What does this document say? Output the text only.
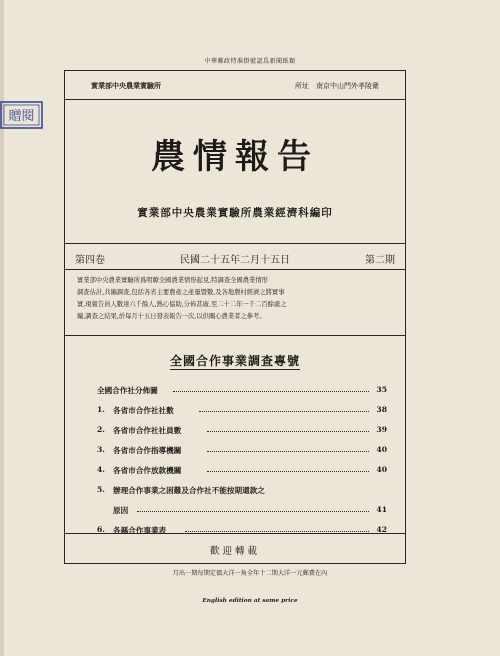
贈閱
中華郵政特准掛號認爲新聞紙類
實業部中央農業實驗所	所址　南京中山門外孝陵衛
農情報告
實業部中央農業實驗所農業經濟科編印
第四卷	民國二十五年二月十五日	第二期

實業部中央農業實驗所爲明瞭全國農業情形起見,特調查全國農業情形

調查估計,共編調查,包括各省主要農產之產量暨數,及各地農村經濟之將實事

實,現報告員人數達六千餘人,熱心協助,分佈甚廣,至二十二年一千二百餘處之

編,調查之結果,於每月十五日發表報告一次,以供關心農業者之參考。

全國合作事業調查專號
全國合作社分佈圖	35
1. 各省市合作社社數	38
2. 各省市合作社社員數	39
3. 各省市合作指導機關	40
4. 各省市合作放款機關	40
5. 辦理合作事業之困難及合作社不能按期還款之
原因	41
6. 各縣合作事業表	42
歡迎轉載
月出一期每期定價大洋一角全年十二期大洋一元郵費在內
English edition at same price
